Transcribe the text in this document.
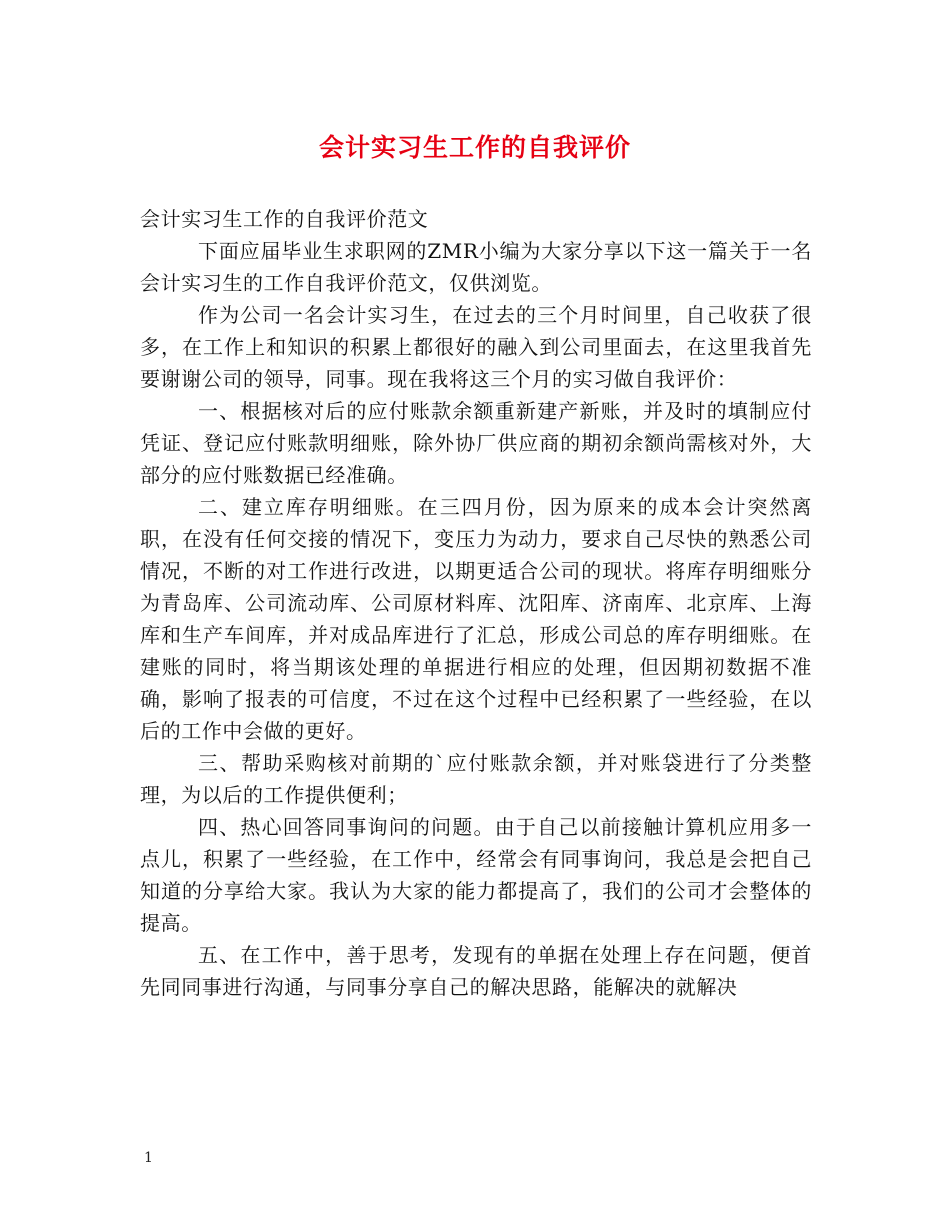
会计实习生工作的自我评价

会计实习生工作的自我评价范文

下面应届毕业生求职网的ZMR小编为大家分享以下这一篇关于一名会计实习生的工作自我评价范文，仅供浏览。

作为公司一名会计实习生，在过去的三个月时间里，自己收获了很多，在工作上和知识的积累上都很好的融入到公司里面去，在这里我首先要谢谢公司的领导，同事。现在我将这三个月的实习做自我评价：

一、根据核对后的应付账款余额重新建产新账，并及时的填制应付凭证、登记应付账款明细账，除外协厂供应商的期初余额尚需核对外，大部分的应付账数据已经准确。

二、建立库存明细账。在三四月份，因为原来的成本会计突然离职，在没有任何交接的情况下，变压力为动力，要求自己尽快的熟悉公司情况，不断的对工作进行改进，以期更适合公司的现状。将库存明细账分为青岛库、公司流动库、公司原材料库、沈阳库、济南库、北京库、上海库和生产车间库，并对成品库进行了汇总，形成公司总的库存明细账。在建账的同时，将当期该处理的单据进行相应的处理，但因期初数据不准确，影响了报表的可信度，不过在这个过程中已经积累了一些经验，在以后的工作中会做的更好。

三、帮助采购核对前期的`应付账款余额，并对账袋进行了分类整理，为以后的工作提供便利；

四、热心回答同事询问的问题。由于自己以前接触计算机应用多一点儿，积累了一些经验，在工作中，经常会有同事询问，我总是会把自己知道的分享给大家。我认为大家的能力都提高了，我们的公司才会整体的提高。

五、在工作中，善于思考，发现有的单据在处理上存在问题，便首先同同事进行沟通，与同事分享自己的解决思路，能解决的就解决

1
